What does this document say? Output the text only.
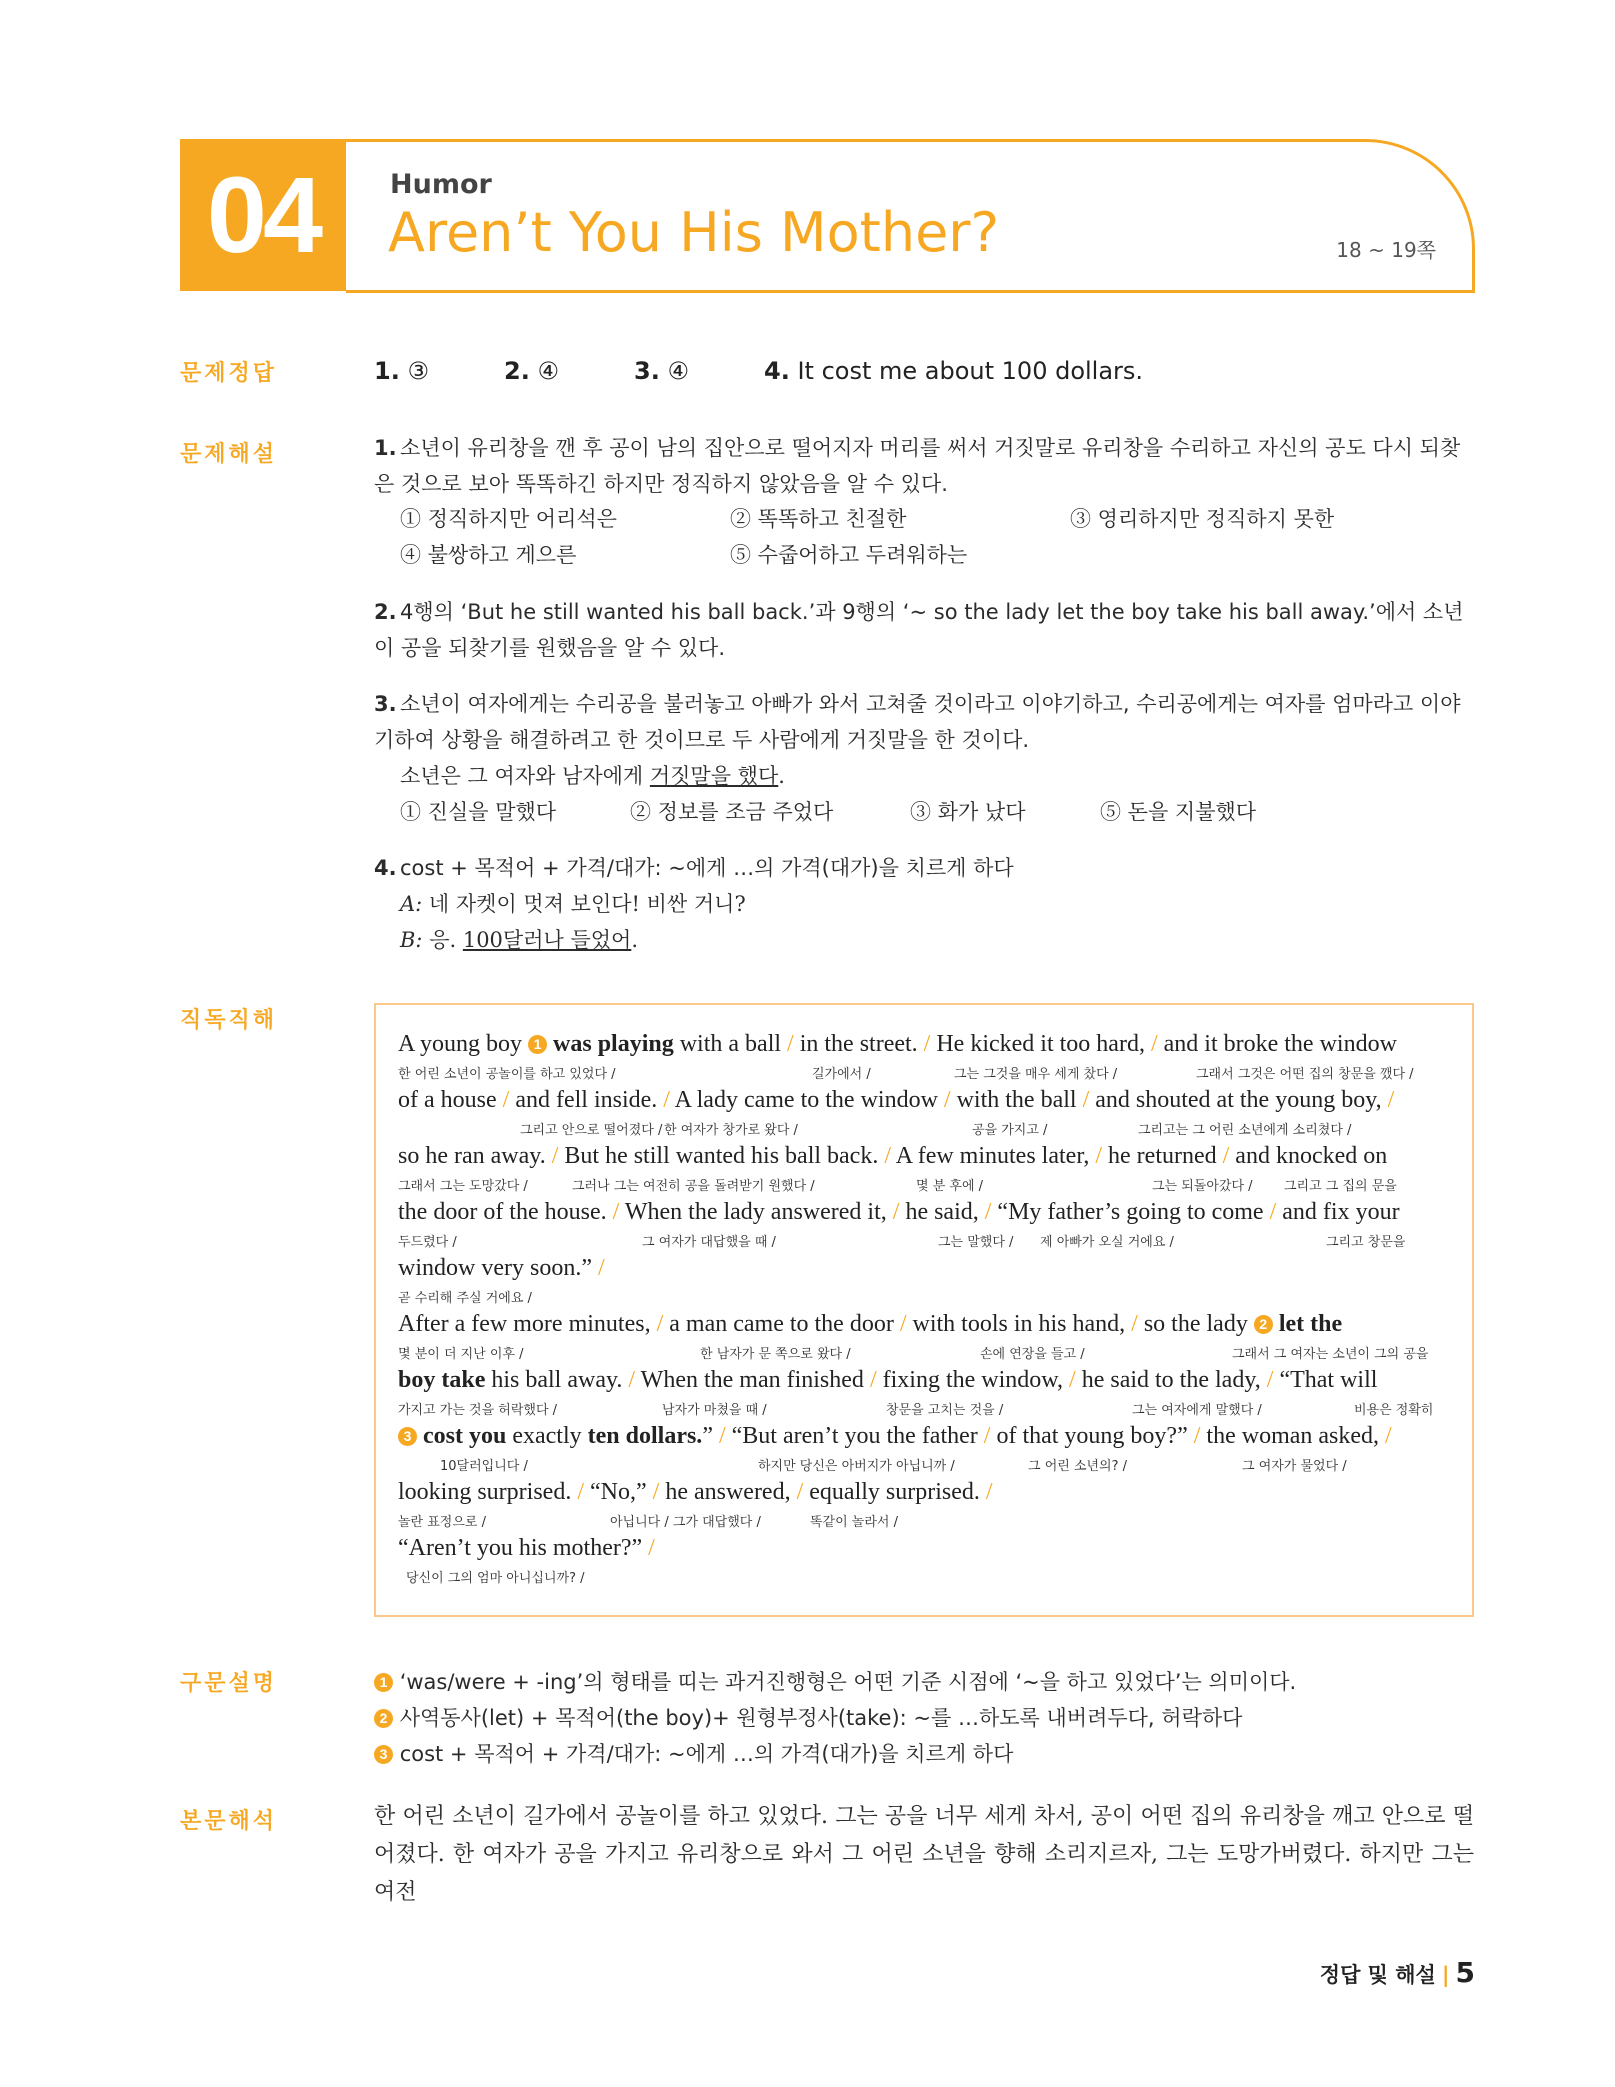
04	Humor
Aren’t You His Mother?	18 ~ 19쪽
문제정답
문제해설
직독직해
구문설명
본문해석
1. ③	2. ④	3. ④	4. It cost me about 100 dollars.
1. 소년이 유리창을 깬 후 공이 남의 집안으로 떨어지자 머리를 써서 거짓말로 유리창을 수리하고 자신의 공도 다시 되찾은 것으로 보아 똑똑하긴 하지만 정직하지 않았음을 알 수 있다.
① 정직하지만 어리석은	② 똑똑하고 친절한	③ 영리하지만 정직하지 못한
④ 불쌍하고 게으른	⑤ 수줍어하고 두려워하는
2. 4행의 ‘But he still wanted his ball back.’과 9행의 ‘~ so the lady let the boy take his ball away.’에서 소년이 공을 되찾기를 원했음을 알 수 있다.
3. 소년이 여자에게는 수리공을 불러놓고 아빠가 와서 고쳐줄 것이라고 이야기하고, 수리공에게는 여자를 엄마라고 이야기하여 상황을 해결하려고 한 것이므로 두 사람에게 거짓말을 한 것이다.
소년은 그 여자와 남자에게 거짓말을 했다.
① 진실을 말했다	② 정보를 조금 주었다	③ 화가 났다	⑤ 돈을 지불했다
4. cost + 목적어 + 가격/대가: ~에게 …의 가격(대가)을 치르게 하다
A: 네 자켓이 멋져 보인다! 비싼 거니?
B: 응. 100달러나 들었어.
A young boy 1 was playing with a ball / in the street. / He kicked it too hard, / and it broke the window
한 어린 소년이 공놀이를 하고 있었다 /	길가에서 /	그는 그것을 매우 세게 찼다 /	그래서 그것은 어떤 집의 창문을 깼다 /
of a house / and fell inside. / A lady came to the window / with the ball / and shouted at the young boy, /
그리고 안으로 떨어졌다 / 한 여자가 창가로 왔다 /	공을 가지고 /	그리고는 그 어린 소년에게 소리쳤다 /
so he ran away. / But he still wanted his ball back. / A few minutes later, / he returned / and knocked on
그래서 그는 도망갔다 /	그러나 그는 여전히 공을 돌려받기 원했다 /	몇 분 후에 /	그는 되돌아갔다 / 그리고 그 집의 문을
the door of the house. / When the lady answered it, / he said, / “My father’s going to come / and fix your
두드렸다 /	그 여자가 대답했을 때 /	그는 말했다 / 제 아빠가 오실 거에요 /	그리고 창문을
window very soon.” /
곧 수리해 주실 거에요 /
After a few more minutes, / a man came to the door / with tools in his hand, / so the lady 2 let the
몇 분이 더 지난 이후 /	한 남자가 문 쪽으로 왔다 /	손에 연장을 들고 /	그래서 그 여자는 소년이 그의 공을
boy take his ball away. / When the man finished / fixing the window, / he said to the lady, / “That will
가지고 가는 것을 허락했다 /	남자가 마쳤을 때 /	창문을 고치는 것을 /	그는 여자에게 말했다 /	비용은 정확히
3 cost you exactly ten dollars.” / “But aren’t you the father / of that young boy?” / the woman asked, /
10달러입니다 /	하지만 당신은 아버지가 아닙니까 /	그 어린 소년의? /	그 여자가 물었다 /
looking surprised. / “No,” / he answered, / equally surprised. /
놀란 표정으로 /	아닙니다 / 그가 대답했다 /	똑같이 놀라서 /
“Aren’t you his mother?” /
당신이 그의 엄마 아니십니까? /
1 ‘was/were + -ing’의 형태를 띠는 과거진행형은 어떤 기준 시점에 ‘~을 하고 있었다’는 의미이다.
2 사역동사(let) + 목적어(the boy)+ 원형부정사(take): ~를 …하도록 내버려두다, 허락하다
3 cost + 목적어 + 가격/대가: ~에게 …의 가격(대가)을 치르게 하다
한 어린 소년이 길가에서 공놀이를 하고 있었다. 그는 공을 너무 세게 차서, 공이 어떤 집의 유리창을 깨고 안으로 떨어졌다. 한 여자가 공을 가지고 유리창으로 와서 그 어린 소년을 향해 소리지르자, 그는 도망가버렸다. 하지만 그는 여전
정답 및 해설 | 5
